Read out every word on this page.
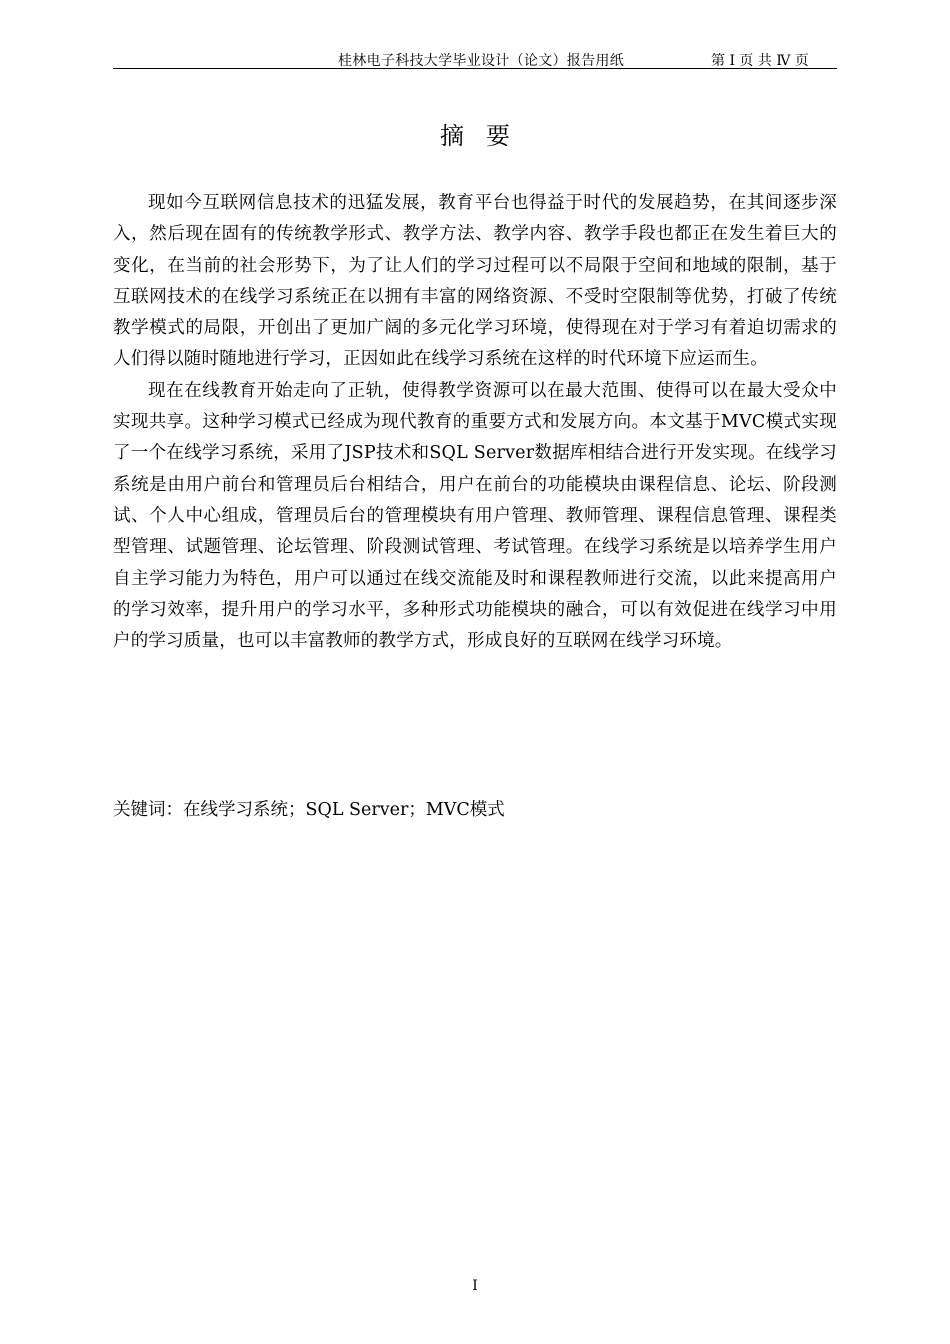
桂林电子科技大学毕业设计（论文）报告用纸	第 I 页 共 Ⅳ 页
摘要

现如今互联网信息技术的迅猛发展，教育平台也得益于时代的发展趋势，在其间逐步深入，然后现在固有的传统教学形式、教学方法、教学内容、教学手段也都正在发生着巨大的变化，在当前的社会形势下，为了让人们的学习过程可以不局限于空间和地域的限制，基于互联网技术的在线学习系统正在以拥有丰富的网络资源、不受时空限制等优势，打破了传统教学模式的局限，开创出了更加广阔的多元化学习环境，使得现在对于学习有着迫切需求的人们得以随时随地进行学习，正因如此在线学习系统在这样的时代环境下应运而生。

现在在线教育开始走向了正轨，使得教学资源可以在最大范围、使得可以在最大受众中实现共享。这种学习模式已经成为现代教育的重要方式和发展方向。本文基于MVC模式实现了一个在线学习系统，采用了JSP技术和SQL Server数据库相结合进行开发实现。在线学习系统是由用户前台和管理员后台相结合，用户在前台的功能模块由课程信息、论坛、阶段测试、个人中心组成，管理员后台的管理模块有用户管理、教师管理、课程信息管理、课程类型管理、试题管理、论坛管理、阶段测试管理、考试管理。在线学习系统是以培养学生用户自主学习能力为特色，用户可以通过在线交流能及时和课程教师进行交流，以此来提高用户的学习效率，提升用户的学习水平，多种形式功能模块的融合，可以有效促进在线学习中用户的学习质量，也可以丰富教师的教学方式，形成良好的互联网在线学习环境。

关键词：在线学习系统；SQL Server；MVC模式
I
